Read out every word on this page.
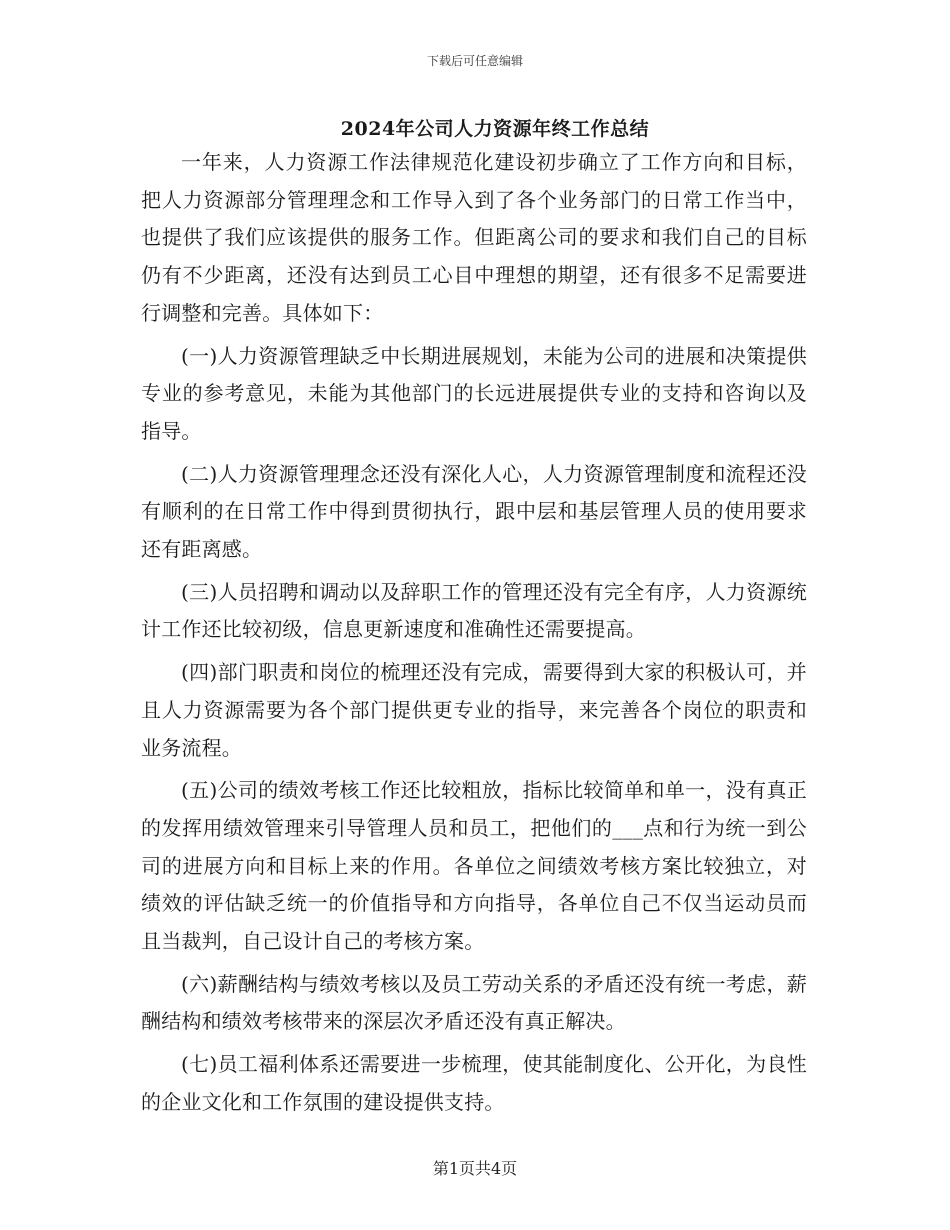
下载后可任意编辑
2024年公司人力资源年终工作总结

一年来，人力资源工作法律规范化建设初步确立了工作方向和目标，把人力资源部分管理理念和工作导入到了各个业务部门的日常工作当中，也提供了我们应该提供的服务工作。但距离公司的要求和我们自己的目标仍有不少距离，还没有达到员工心目中理想的期望，还有很多不足需要进行调整和完善。具体如下：

(一)人力资源管理缺乏中长期进展规划，未能为公司的进展和决策提供专业的参考意见，未能为其他部门的长远进展提供专业的支持和咨询以及指导。

(二)人力资源管理理念还没有深化人心，人力资源管理制度和流程还没有顺利的在日常工作中得到贯彻执行，跟中层和基层管理人员的使用要求还有距离感。

(三)人员招聘和调动以及辞职工作的管理还没有完全有序，人力资源统计工作还比较初级，信息更新速度和准确性还需要提高。

(四)部门职责和岗位的梳理还没有完成，需要得到大家的积极认可，并且人力资源需要为各个部门提供更专业的指导，来完善各个岗位的职责和业务流程。

(五)公司的绩效考核工作还比较粗放，指标比较简单和单一，没有真正的发挥用绩效管理来引导管理人员和员工，把他们的___点和行为统一到公司的进展方向和目标上来的作用。各单位之间绩效考核方案比较独立，对绩效的评估缺乏统一的价值指导和方向指导，各单位自己不仅当运动员而且当裁判，自己设计自己的考核方案。

(六)薪酬结构与绩效考核以及员工劳动关系的矛盾还没有统一考虑，薪酬结构和绩效考核带来的深层次矛盾还没有真正解决。

(七)员工福利体系还需要进一步梳理，使其能制度化、公开化，为良性的企业文化和工作氛围的建设提供支持。

第1页共4页
